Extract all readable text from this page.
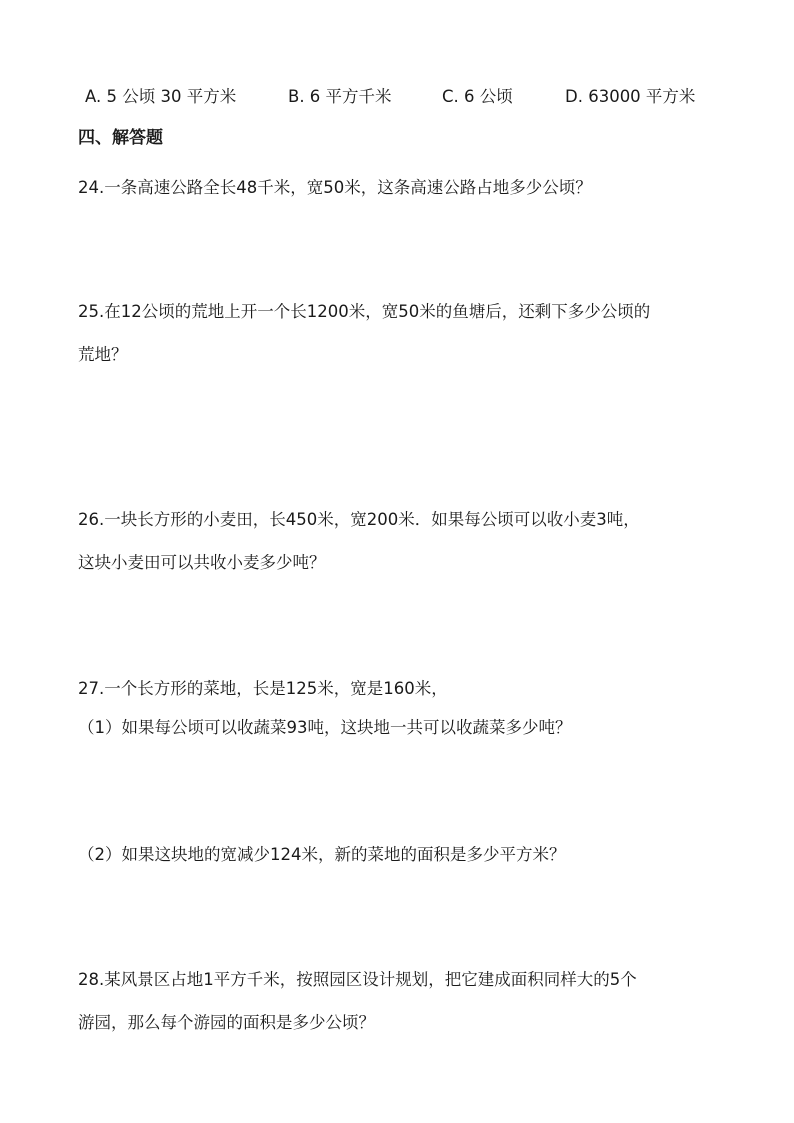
A. 5 公顷 30 平方米	B. 6 平方千米	C. 6 公顷	D. 63000 平方米
四、解答题
24.一条高速公路全长48千米，宽50米，这条高速公路占地多少公顷？
25.在12公顷的荒地上开一个长1200米，宽50米的鱼塘后，还剩下多少公顷的
荒地？
26.一块长方形的小麦田，长450米，宽200米．如果每公顷可以收小麦3吨，
这块小麦田可以共收小麦多少吨？
27.一个长方形的菜地，长是125米，宽是160米，
（1）如果每公顷可以收蔬菜93吨，这块地一共可以收蔬菜多少吨？
（2）如果这块地的宽减少124米，新的菜地的面积是多少平方米？
28.某风景区占地1平方千米，按照园区设计规划，把它建成面积同样大的5个
游园，那么每个游园的面积是多少公顷？
